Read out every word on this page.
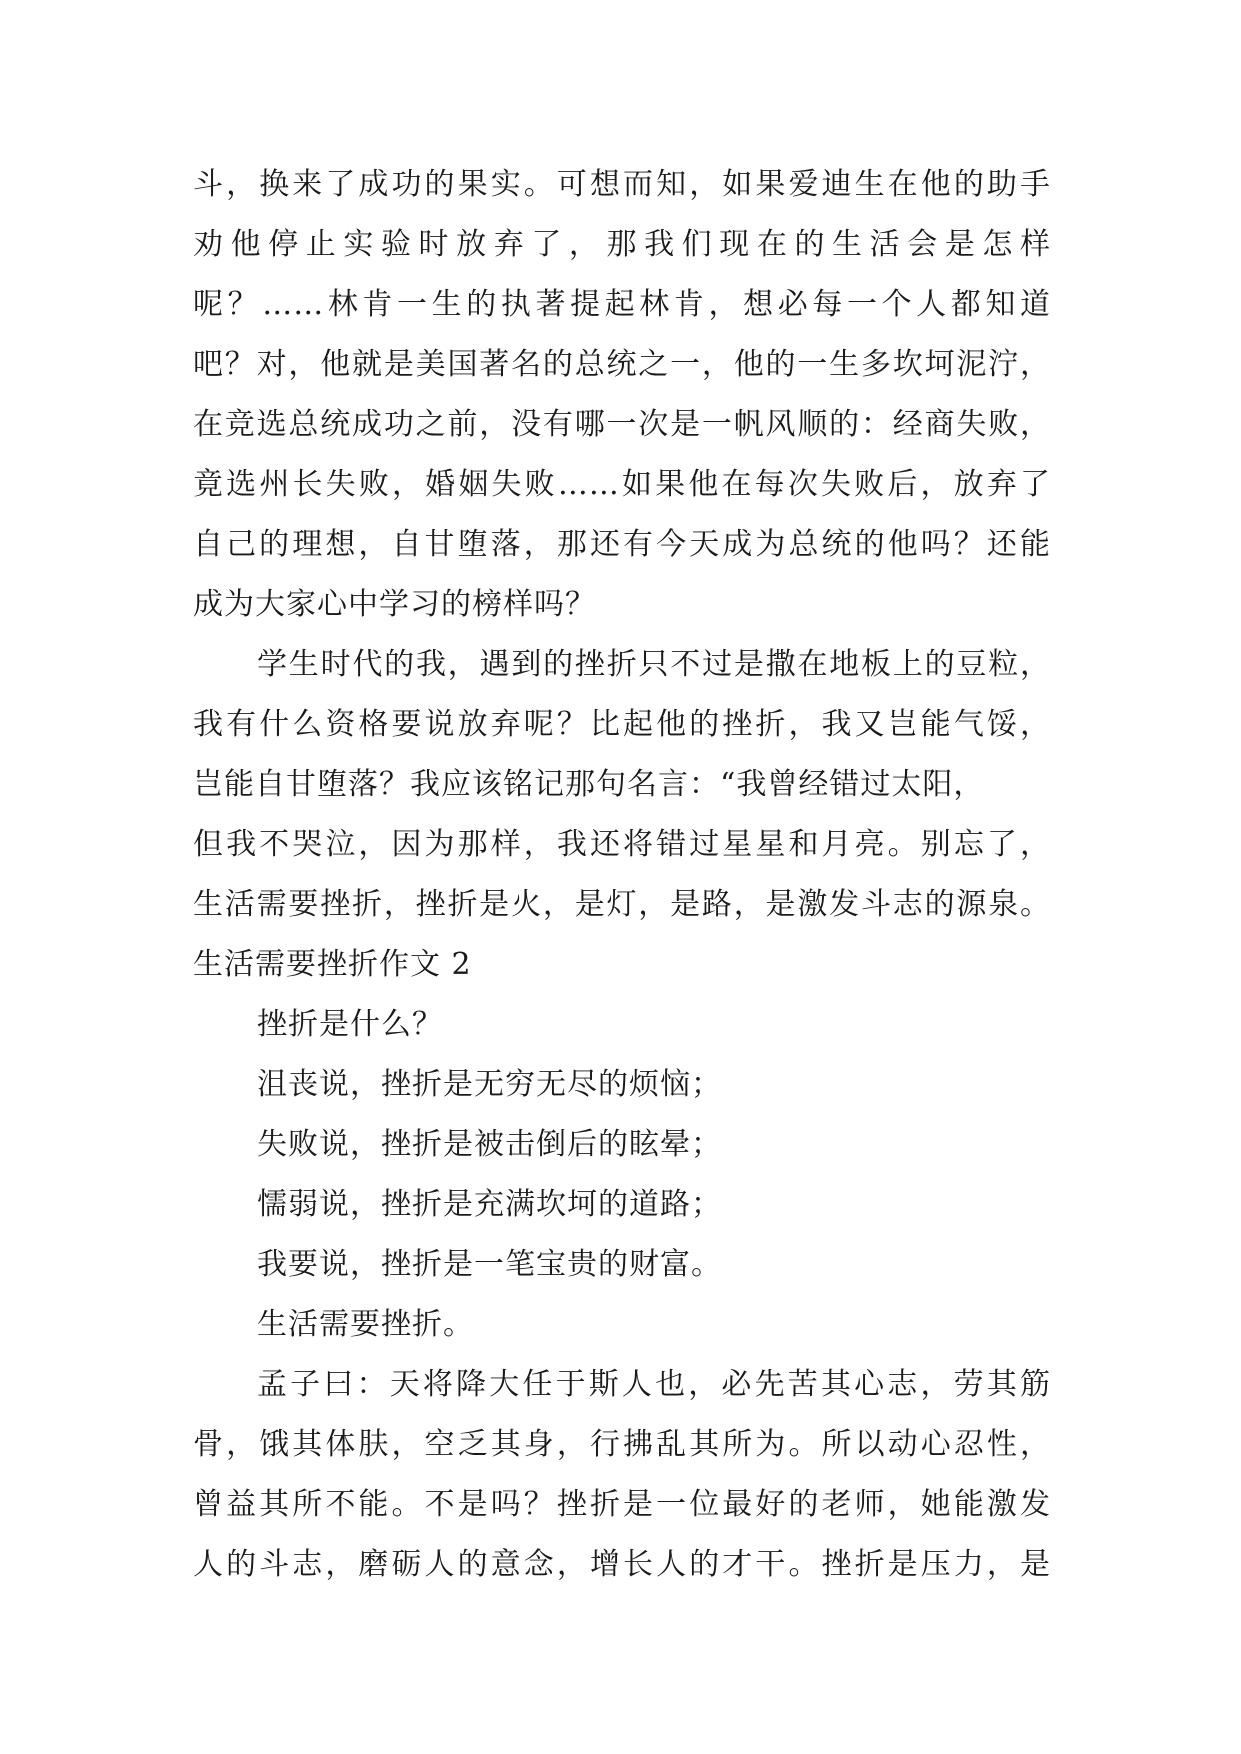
斗，换来了成功的果实。可想而知，如果爱迪生在他的助手
劝他停止实验时放弃了，那我们现在的生活会是怎样
呢？……林肯一生的执著提起林肯，想必每一个人都知道
吧？对，他就是美国著名的总统之一，他的一生多坎坷泥泞，
在竞选总统成功之前，没有哪一次是一帆风顺的：经商失败，
竟选州长失败，婚姻失败……如果他在每次失败后，放弃了
自己的理想，自甘堕落，那还有今天成为总统的他吗？还能
成为大家心中学习的榜样吗？
学生时代的我，遇到的挫折只不过是撒在地板上的豆粒，
我有什么资格要说放弃呢？比起他的挫折，我又岂能气馁，
岂能自甘堕落？我应该铭记那句名言：“我曾经错过太阳，
但我不哭泣，因为那样，我还将错过星星和月亮。别忘了，
生活需要挫折，挫折是火，是灯，是路，是激发斗志的源泉。
生活需要挫折作文 2
挫折是什么？
沮丧说，挫折是无穷无尽的烦恼；
失败说，挫折是被击倒后的眩晕；
懦弱说，挫折是充满坎坷的道路；
我要说，挫折是一笔宝贵的财富。
生活需要挫折。
孟子曰：天将降大任于斯人也，必先苦其心志，劳其筋
骨，饿其体肤，空乏其身，行拂乱其所为。所以动心忍性，
曾益其所不能。不是吗？挫折是一位最好的老师，她能激发
人的斗志，磨砺人的意念，增长人的才干。挫折是压力，是
